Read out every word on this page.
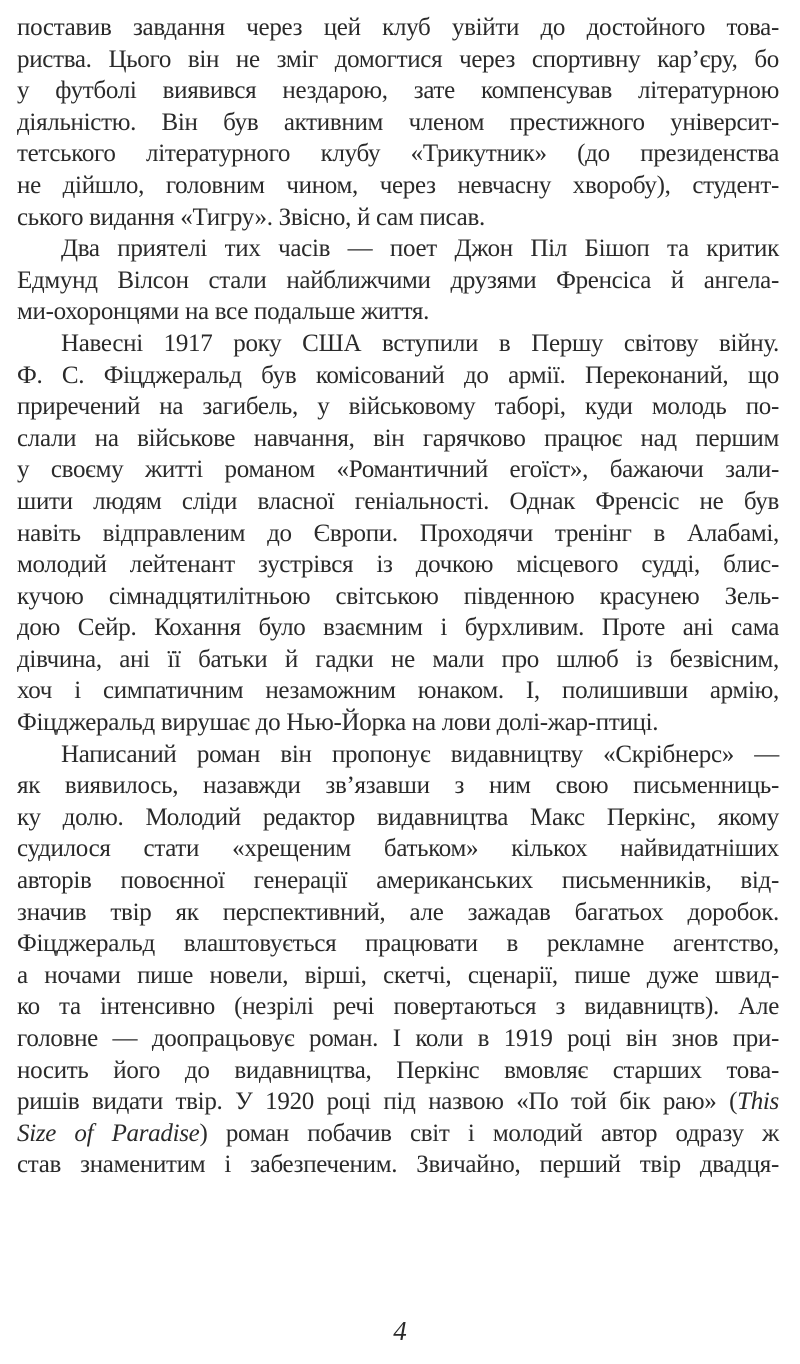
поставив завдання через цей клуб увійти до достойного това-
риства. Цього він не зміг домогтися через спортивну кар’єру, бо
у футболі виявився нездарою, зате компенсував літературною
діяльністю. Він був активним членом престижного університ-
тетського літературного клубу «Трикутник» (до президенства
не дійшло, головним чином, через невчасну хворобу), студент-
ського видання «Тигру». Звісно, й сам писав.
Два приятелі тих часів — поет Джон Піл Бішоп та критик
Едмунд Вілсон стали найближчими друзями Френсіса й ангела-
ми-охоронцями на все подальше життя.
Навесні 1917 року США вступили в Першу світову війну.
Ф. С. Фіцджеральд був комісований до армії. Переконаний, що
приречений на загибель, у військовому таборі, куди молодь по-
слали на військове навчання, він гарячково працює над першим
у своєму житті романом «Романтичний егоїст», бажаючи зали-
шити людям сліди власної геніальності. Однак Френсіс не був
навіть відправленим до Європи. Проходячи тренінг в Алабамі,
молодий лейтенант зустрівся із дочкою місцевого судді, блис-
кучою сімнадцятилітньою світською південною красунею Зель-
дою Сейр. Кохання було взаємним і бурхливим. Проте ані сама
дівчина, ані її батьки й гадки не мали про шлюб із безвісним,
хоч і симпатичним незаможним юнаком. І, полишивши армію,
Фіцджеральд вирушає до Нью-Йорка на лови долі-жар-птиці.
Написаний роман він пропонує видавництву «Скрібнерс» —
як виявилось, назавжди зв’язавши з ним свою письменниць-
ку долю. Молодий редактор видавництва Макс Перкінс, якому
судилося стати «хрещеним батьком» кількох найвидатніших
авторів повоєнної генерації американських письменників, від-
значив твір як перспективний, але зажадав багатьох доробок.
Фіцджеральд влаштовується працювати в рекламне агентство,
а ночами пише новели, вірші, скетчі, сценарії, пише дуже швид-
ко та інтенсивно (незрілі речі повертаються з видавництв). Але
головне — доопрацьовує роман. І коли в 1919 році він знов при-
носить його до видавництва, Перкінс вмовляє старших това-
ришів видати твір. У 1920 році під назвою «По той бік раю» (This
Size of Paradise) роман побачив світ і молодий автор одразу ж
став знаменитим і забезпеченим. Звичайно, перший твір двадця-
4
